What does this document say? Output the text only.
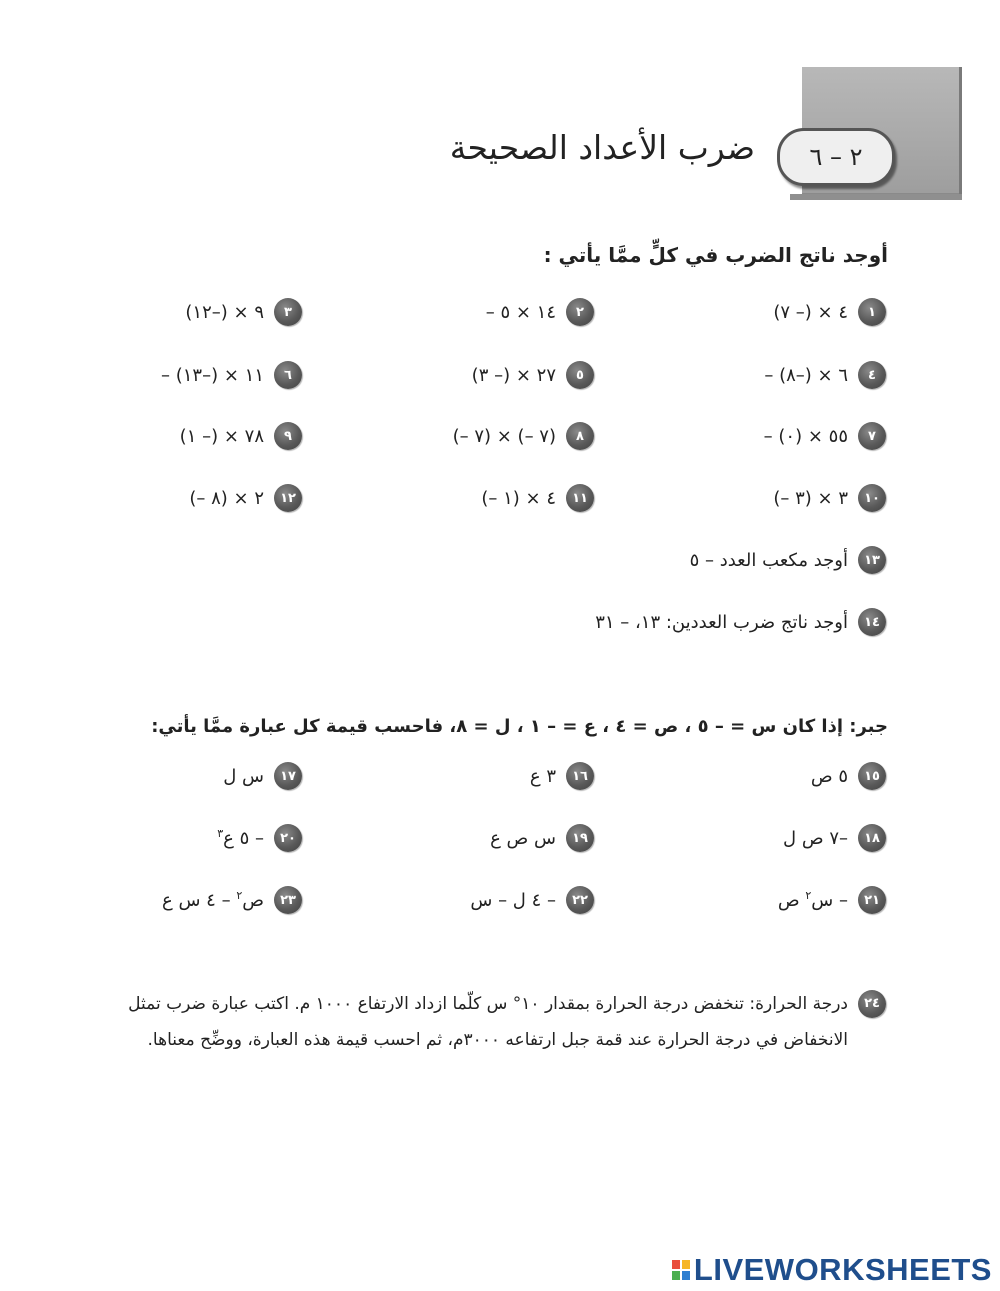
٢ – ٦
ضرب الأعداد الصحيحة
أوجد ناتج الضرب في كلٍّ ممَّا يأتي :
١
٤ × (– ٧)
٢
– ١٤ × ٥
٣
٩ × (–١٢)
٤
– ٦ × (–٨)
٥
٢٧ × (– ٣)
٦
– ١١ × (–١٣)
٧
– ٥٥ × (٠)
٨
(– ٧) × (– ٧)
٩
٧٨ × (– ١)
١٠
(– ٣) × ٣
١١
(– ١) × ٤
١٢
(– ٨) × ٢
١٣
أوجد مكعب العدد – ٥
١٤
أوجد ناتج ضرب العددين: ١٣، – ٣١
جبر: إذا كان س = – ٥ ، ص = ٤ ، ع = – ١ ، ل = ٨، فاحسب قيمة كل عبارة ممَّا يأتي:
١٥
٥ ص
١٦
٣ ع
١٧
س ل
١٨
–٧ ص ل
١٩
س ص ع
٢٠
– ٥ ع$^٣$
٢١
– س$^٢$ ص
٢٢
– ٤ ل – س
٢٣
ص$^٢$ – ٤ س ع
٢٤
درجة الحرارة: تنخفض درجة الحرارة بمقدار ١٠° س كلّما ازداد الارتفاع ١٠٠٠ م. اكتب عبارة ضرب تمثل
الانخفاض في درجة الحرارة عند قمة جبل ارتفاعه ٣٠٠٠م، ثم احسب قيمة هذه العبارة، ووضِّح معناها.
LIVEWORKSHEETS
